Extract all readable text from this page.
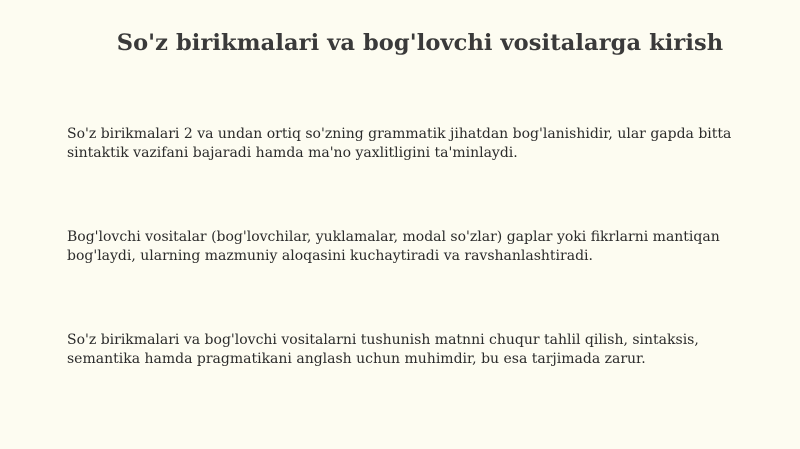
So'z birikmalari va bog'lovchi vositalarga kirish

So'z birikmalari 2 va undan ortiq so'zning grammatik jihatdan bog'lanishidir, ular gapda bitta sintaktik vazifani bajaradi hamda ma'no yaxlitligini ta'minlaydi.

Bog'lovchi vositalar (bog'lovchilar, yuklamalar, modal so'zlar) gaplar yoki fikrlarni mantiqan bog'laydi, ularning mazmuniy aloqasini kuchaytiradi va ravshanlashtiradi.

So'z birikmalari va bog'lovchi vositalarni tushunish matnni chuqur tahlil qilish, sintaksis, semantika hamda pragmatikani anglash uchun muhimdir, bu esa tarjimada zarur.
